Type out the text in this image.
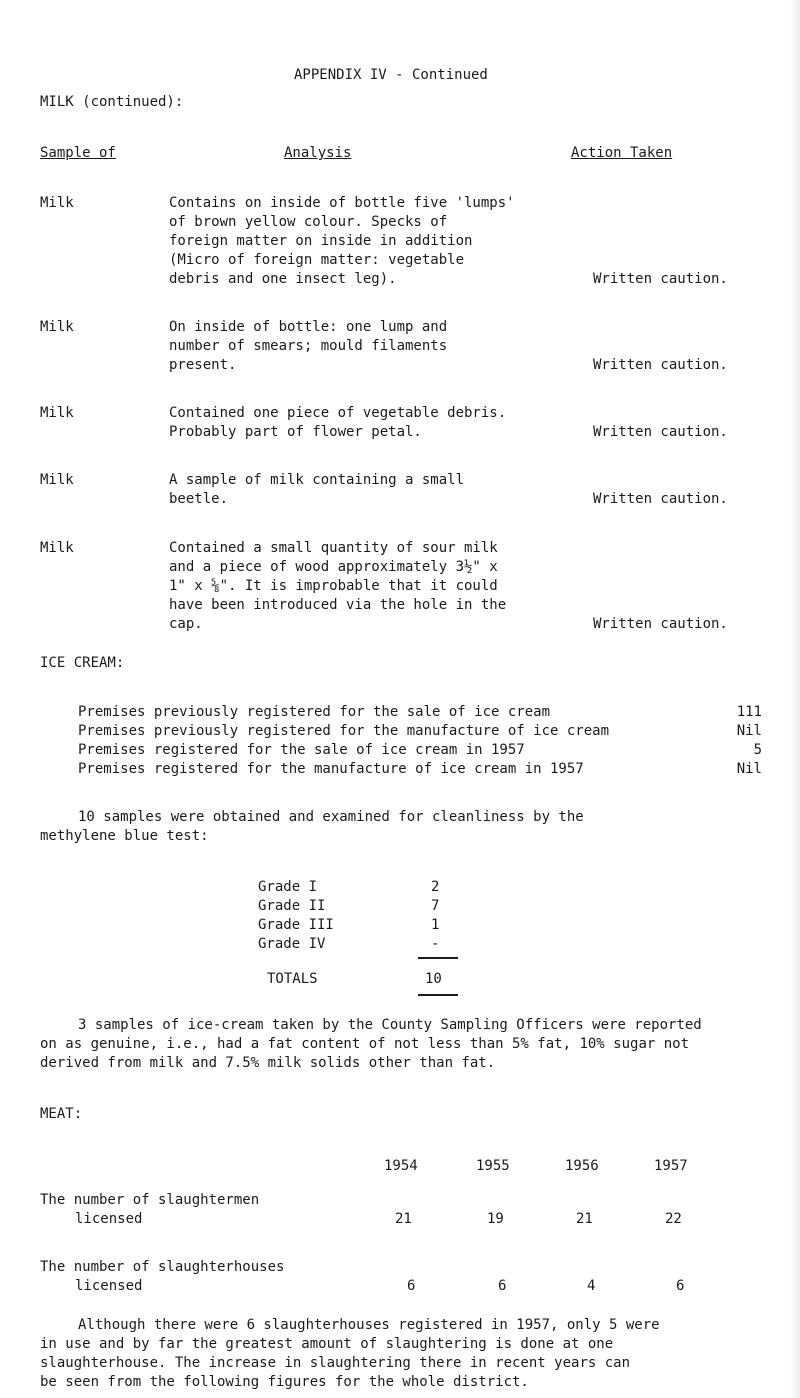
APPENDIX IV - Continued
MILK (continued):
Sample of	Analysis	Action Taken
Milk	Contains on inside of bottle five 'lumps'
of brown yellow colour. Specks of
foreign matter on inside in addition
(Micro of foreign matter: vegetable
debris and one insect leg).	Written caution.
Milk	On inside of bottle: one lump and
number of smears; mould filaments
present.	Written caution.
Milk	Contained one piece of vegetable debris.
Probably part of flower petal.	Written caution.
Milk	A sample of milk containing a small
beetle.	Written caution.
Milk	Contained a small quantity of sour milk
and a piece of wood approximately 3½" x
1" x ⅝". It is improbable that it could
have been introduced via the hole in the
cap.	Written caution.
ICE CREAM:
Premises previously registered for the sale of ice cream	111
Premises previously registered for the manufacture of ice cream	Nil
Premises registered for the sale of ice cream in 1957	5
Premises registered for the manufacture of ice cream in 1957	Nil
10 samples were obtained and examined for cleanliness by the
methylene blue test:
Grade I	2
Grade II	7
Grade III	1
Grade IV	-
TOTALS	10
3 samples of ice-cream taken by the County Sampling Officers were reported
on as genuine, i.e., had a fat content of not less than 5% fat, 10% sugar not
derived from milk and 7.5% milk solids other than fat.
MEAT:
1954	1955	1956	1957
The number of slaughtermen
licensed	21	19	21	22
The number of slaughterhouses
licensed	6	6	4	6
Although there were 6 slaughterhouses registered in 1957, only 5 were
in use and by far the greatest amount of slaughtering is done at one
slaughterhouse. The increase in slaughtering there in recent years can
be seen from the following figures for the whole district.
